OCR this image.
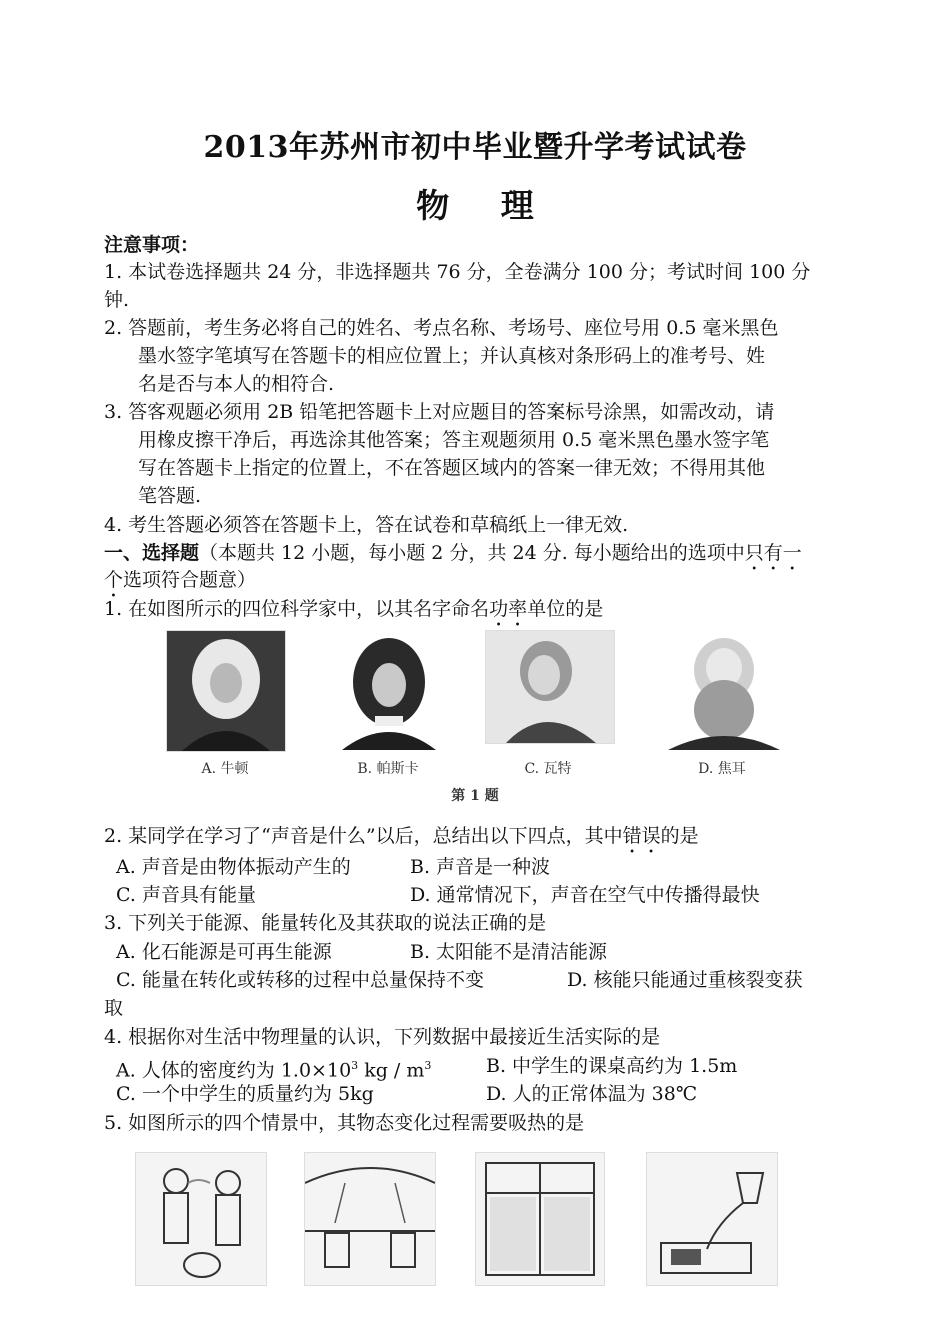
2013年苏州市初中毕业暨升学考试试卷
物 理
注意事项：
1. 本试卷选择题共 24 分，非选择题共 76 分，全卷满分 100 分；考试时间 100 分
钟.
2. 答题前，考生务必将自己的姓名、考点名称、考场号、座位号用 0.5 毫米黑色
墨水签字笔填写在答题卡的相应位置上；并认真核对条形码上的准考号、姓
名是否与本人的相符合.
3. 答客观题必须用 2B 铅笔把答题卡上对应题目的答案标号涂黑，如需改动，请
用橡皮擦干净后，再选涂其他答案；答主观题须用 0.5 毫米黑色墨水签字笔
写在答题卡上指定的位置上，不在答题区域内的答案一律无效；不得用其他
笔答题.
4. 考生答题必须答在答题卡上，答在试卷和草稿纸上一律无效.
一、选择题（本题共 12 小题，每小题 2 分，共 24 分. 每小题给出的选项中只有一
个选项符合题意）
1. 在如图所示的四位科学家中，以其名字命名功率单位的是
A. 牛顿	B. 帕斯卡	C. 瓦特	D. 焦耳
第 1 题
2. 某同学在学习了“声音是什么”以后，总结出以下四点，其中错误的是
A. 声音是由物体振动产生的	B. 声音是一种波
C. 声音具有能量	D. 通常情况下，声音在空气中传播得最快
3. 下列关于能源、能量转化及其获取的说法正确的是
A. 化石能源是可再生能源	B. 太阳能不是清洁能源
C. 能量在转化或转移的过程中总量保持不变	D. 核能只能通过重核裂变获
取
4. 根据你对生活中物理量的认识，下列数据中最接近生活实际的是
A. 人体的密度约为 $1.0\times 10^3$ kg / $m^3$	B. 中学生的课桌高约为 1.5m
C. 一个中学生的质量约为 5kg	D. 人的正常体温为 38℃
5. 如图所示的四个情景中，其物态变化过程需要吸热的是
